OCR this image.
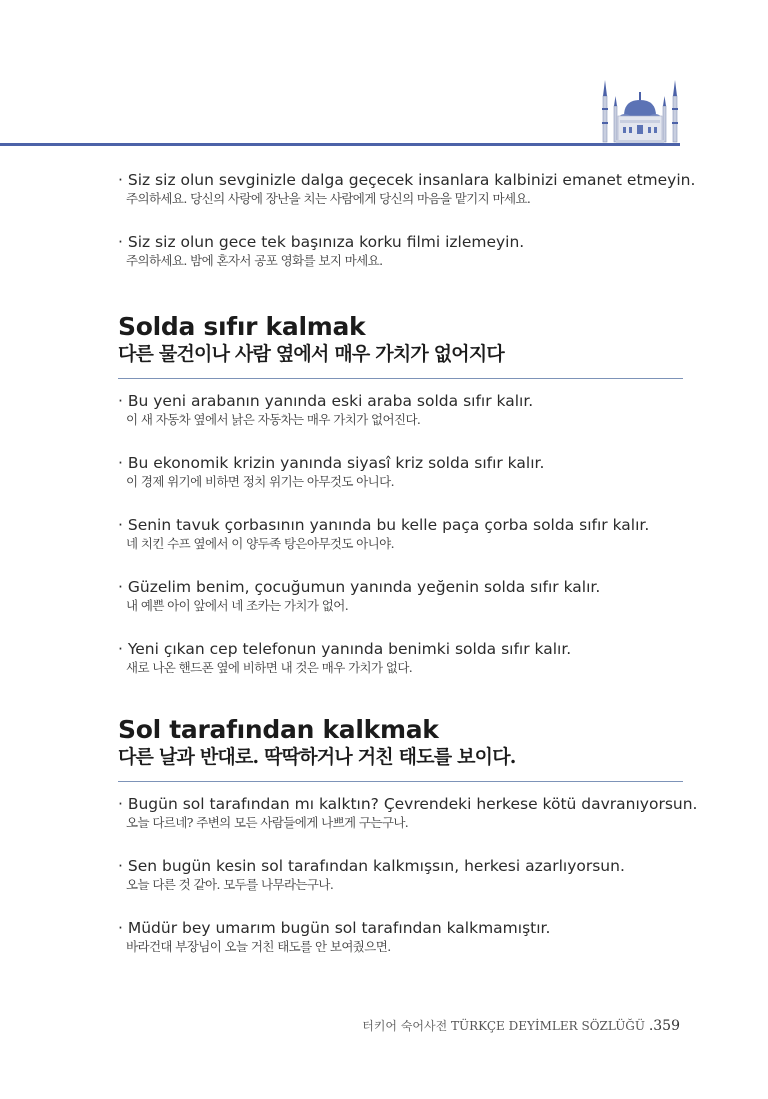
· Siz siz olun sevginizle dalga geçecek insanlara kalbinizi emanet etmeyin.
주의하세요. 당신의 사랑에 장난을 치는 사람에게 당신의 마음을 맡기지 마세요.
· Siz siz olun gece tek başınıza korku filmi izlemeyin.
주의하세요. 밤에 혼자서 공포 영화를 보지 마세요.
Solda sıfır kalmak
다른 물건이나 사람 옆에서 매우 가치가 없어지다
· Bu yeni arabanın yanında eski araba solda sıfır kalır.
이 새 자동차 옆에서 낡은 자동차는 매우 가치가 없어진다.
· Bu ekonomik krizin yanında siyasî kriz solda sıfır kalır.
이 경제 위기에 비하면 정치 위기는 아무것도 아니다.
· Senin tavuk çorbasının yanında bu kelle paça çorba solda sıfır kalır.
네 치킨 수프 옆에서 이 양두족 탕은아무것도 아니야.
· Güzelim benim, çocuğumun yanında yeğenin solda sıfır kalır.
내 예쁜 아이 앞에서 네 조카는 가치가 없어.
· Yeni çıkan cep telefonun yanında benimki solda sıfır kalır.
새로 나온 핸드폰 옆에 비하면 내 것은 매우 가치가 없다.
Sol tarafından kalkmak
다른 날과 반대로. 딱딱하거나 거친 태도를 보이다.
· Bugün sol tarafından mı kalktın? Çevrendeki herkese kötü davranıyorsun.
오늘 다르네? 주변의 모든 사람들에게 나쁘게 구는구나.
· Sen bugün kesin sol tarafından kalkmışsın, herkesi azarlıyorsun.
오늘 다른 것 같아. 모두를 나무라는구나.
· Müdür bey umarım bugün sol tarafından kalkmamıştır.
바라건대 부장님이 오늘 거친 태도를 안 보여줬으면.
터키어 숙어사전 TÜRKÇE DEYİMLER SÖZLÜĞÜ .359
